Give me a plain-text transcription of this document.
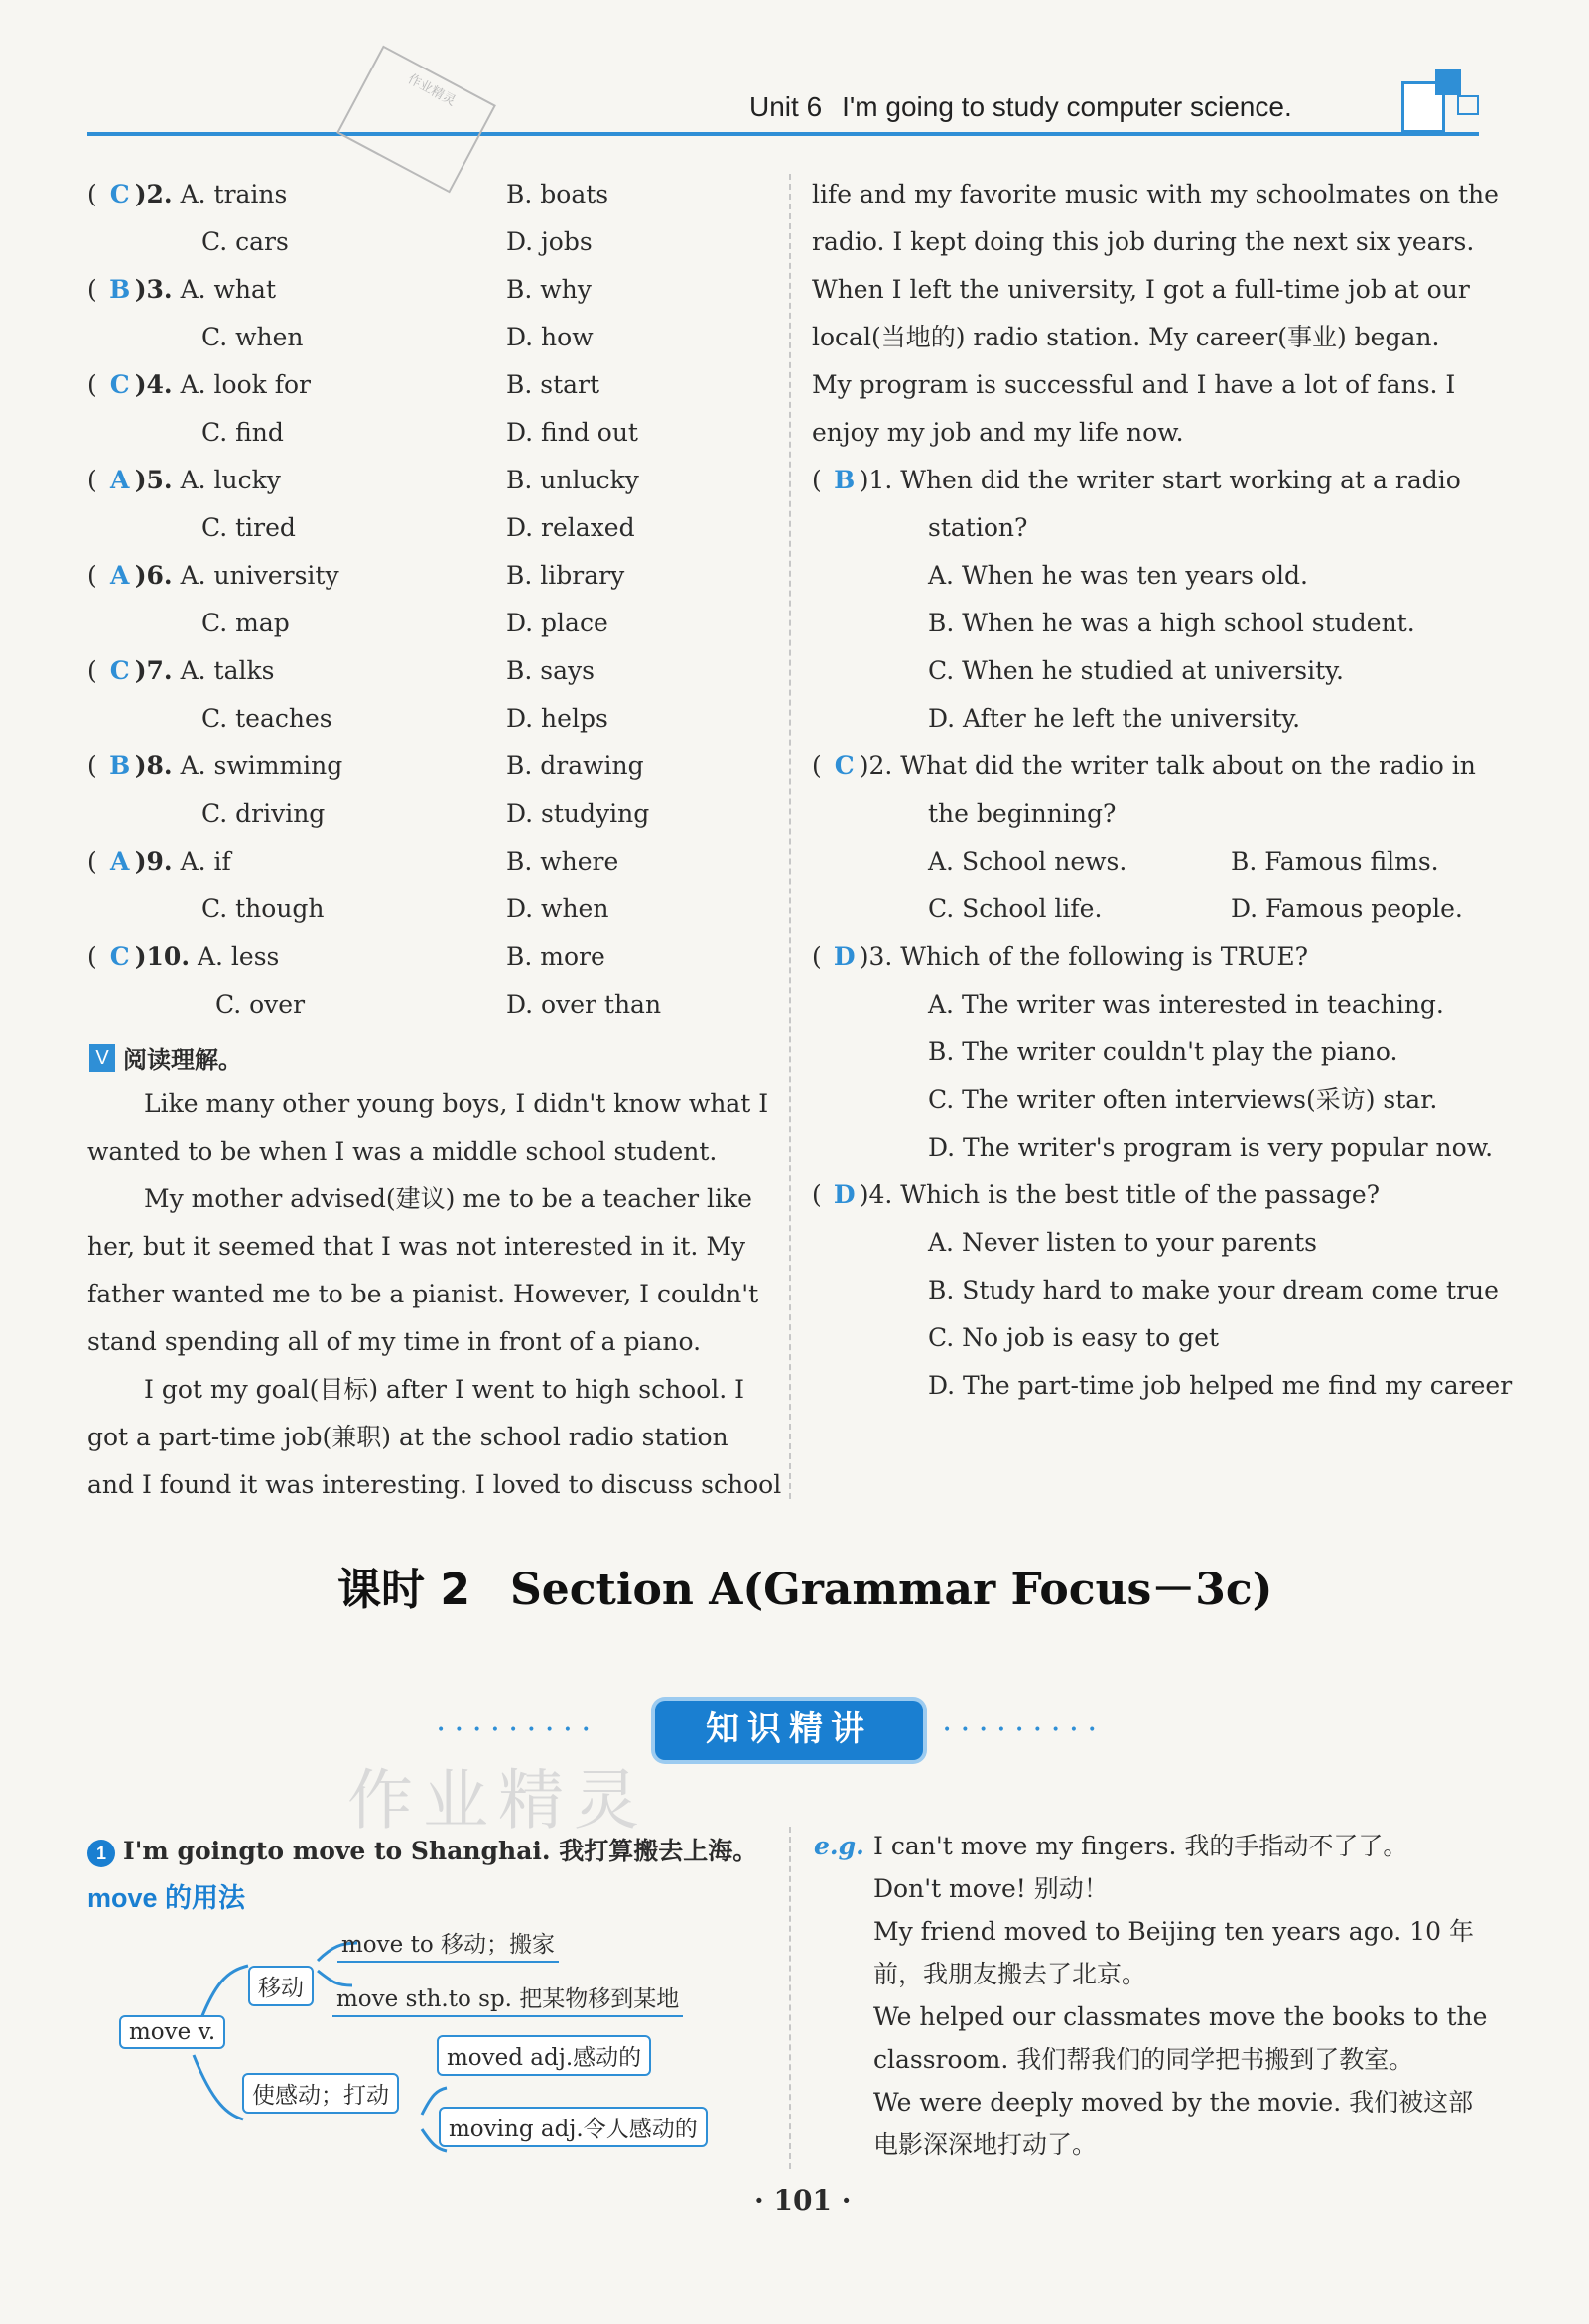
Unit 6 I'm going to study computer science.
作业精灵
( C )2. A. trains	B. boats
C. cars	D. jobs
( B )3. A. what	B. why
C. when	D. how
( C )4. A. look for	B. start
C. find	D. find out
( A )5. A. lucky	B. unlucky
C. tired	D. relaxed
( A )6. A. university	B. library
C. map	D. place
( C )7. A. talks	B. says
C. teaches	D. helps
( B )8. A. swimming	B. drawing
C. driving	D. studying
( A )9. A. if	B. where
C. though	D. when
( C )10. A. less	B. more
C. over	D. over than
V 阅读理解。
Like many other young boys, I didn't know what I
wanted to be when I was a middle school student.
My mother advised(建议) me to be a teacher like
her, but it seemed that I was not interested in it. My
father wanted me to be a pianist. However, I couldn't
stand spending all of my time in front of a piano.
I got my goal(目标) after I went to high school. I
got a part-time job(兼职) at the school radio station
and I found it was interesting. I loved to discuss school
life and my favorite music with my schoolmates on the
radio. I kept doing this job during the next six years.
When I left the university, I got a full-time job at our
local(当地的) radio station. My career(事业) began.
My program is successful and I have a lot of fans. I
enjoy my job and my life now.
( B )1. When did the writer start working at a radio
station?
A. When he was ten years old.
B. When he was a high school student.
C. When he studied at university.
D. After he left the university.
( C )2. What did the writer talk about on the radio in
the beginning?
A. School news.	B. Famous films.
C. School life.	D. Famous people.
( D )3. Which of the following is TRUE?
A. The writer was interested in teaching.
B. The writer couldn't play the piano.
C. The writer often interviews(采访) star.
D. The writer's program is very popular now.
( D )4. Which is the best title of the passage?
A. Never listen to your parents
B. Study hard to make your dream come true
C. No job is easy to get
D. The part-time job helped me find my career
课时 2 Section A(Grammar Focus－3c)
•••••••••	知识精讲	•••••••••
作业精灵
1 I'm goingto move to Shanghai. 我打算搬去上海。
move 的用法
move v.
移动
使感动；打动
move to 移动；搬家
move sth.to sp. 把某物移到某地
moved adj.感动的
moving adj.令人感动的
e.g. I can't move my fingers. 我的手指动不了了。
Don't move! 别动！
My friend moved to Beijing ten years ago. 10 年
前，我朋友搬去了北京。
We helped our classmates move the books to the
classroom. 我们帮我们的同学把书搬到了教室。
We were deeply moved by the movie. 我们被这部
电影深深地打动了。
· 101 ·
